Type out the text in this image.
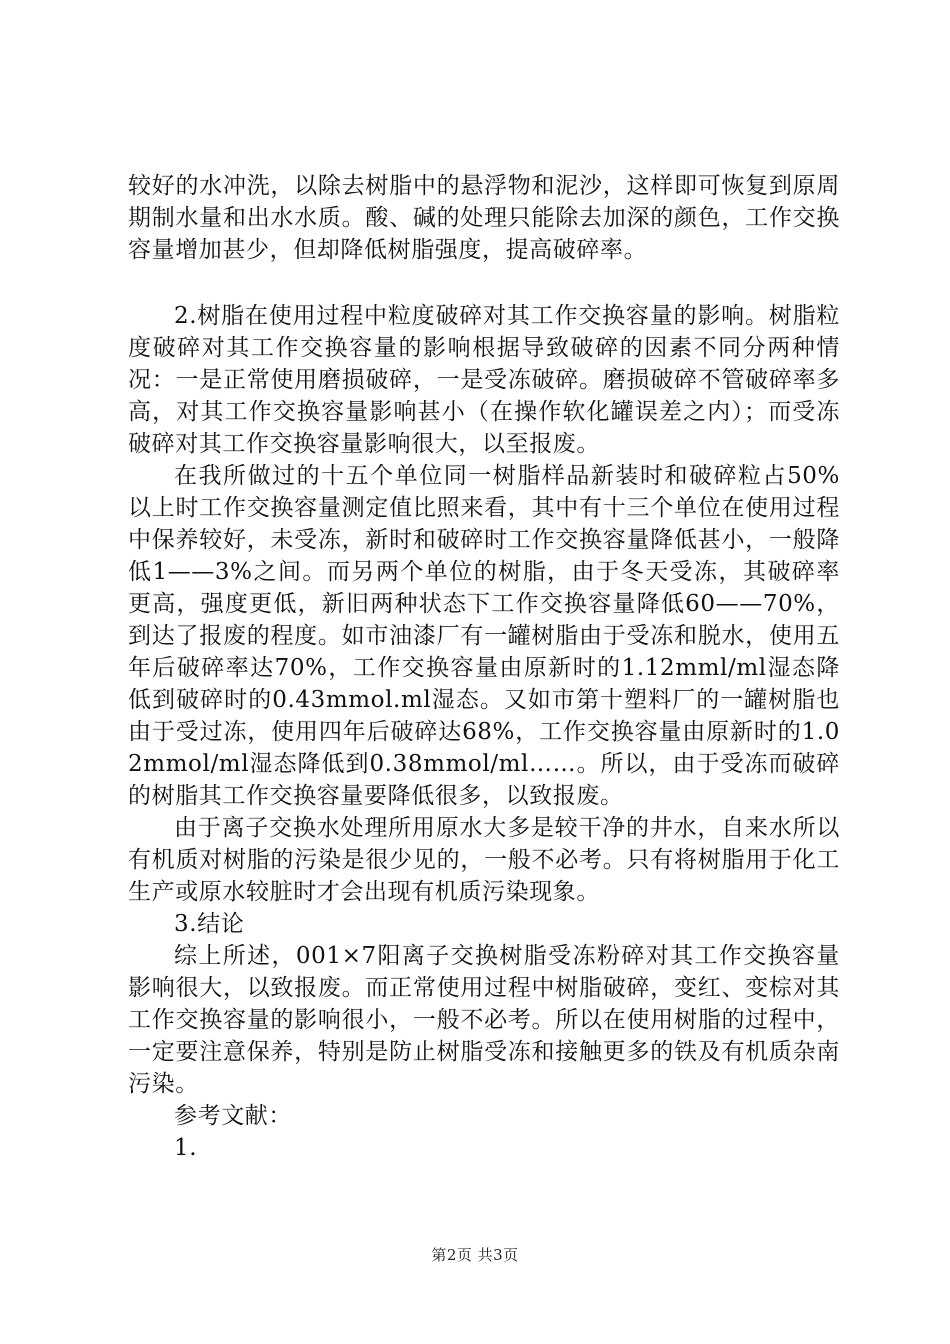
较好的水冲洗，以除去树脂中的悬浮物和泥沙，这样即可恢复到原周期制水量和出水水质。酸、碱的处理只能除去加深的颜色，工作交换容量增加甚少，但却降低树脂强度，提高破碎率。

2.树脂在使用过程中粒度破碎对其工作交换容量的影响。树脂粒度破碎对其工作交换容量的影响根据导致破碎的因素不同分两种情况：一是正常使用磨损破碎，一是受冻破碎。磨损破碎不管破碎率多高，对其工作交换容量影响甚小（在操作软化罐误差之内）；而受冻破碎对其工作交换容量影响很大，以至报废。

在我所做过的十五个单位同一树脂样品新装时和破碎粒占50%以上时工作交换容量测定值比照来看，其中有十三个单位在使用过程中保养较好，未受冻，新时和破碎时工作交换容量降低甚小，一般降低1——3%之间。而另两个单位的树脂，由于冬天受冻，其破碎率更高，强度更低，新旧两种状态下工作交换容量降低60——70%，到达了报废的程度。如市油漆厂有一罐树脂由于受冻和脱水，使用五年后破碎率达70%，工作交换容量由原新时的1.12mml/ml湿态降低到破碎时的0.43mmol.ml湿态。又如市第十塑料厂的一罐树脂也由于受过冻，使用四年后破碎达68%，工作交换容量由原新时的1.02mmol/ml湿态降低到0.38mmol/ml……。所以，由于受冻而破碎的树脂其工作交换容量要降低很多，以致报废。

由于离子交换水处理所用原水大多是较干净的井水，自来水所以有机质对树脂的污染是很少见的，一般不必考。只有将树脂用于化工生产或原水较脏时才会出现有机质污染现象。

3.结论

综上所述，001×7阳离子交换树脂受冻粉碎对其工作交换容量影响很大，以致报废。而正常使用过程中树脂破碎，变红、变棕对其工作交换容量的影响很小，一般不必考。所以在使用树脂的过程中，一定要注意保养，特别是防止树脂受冻和接触更多的铁及有机质杂南污染。

参考文献：

1.

第2页 共3页
